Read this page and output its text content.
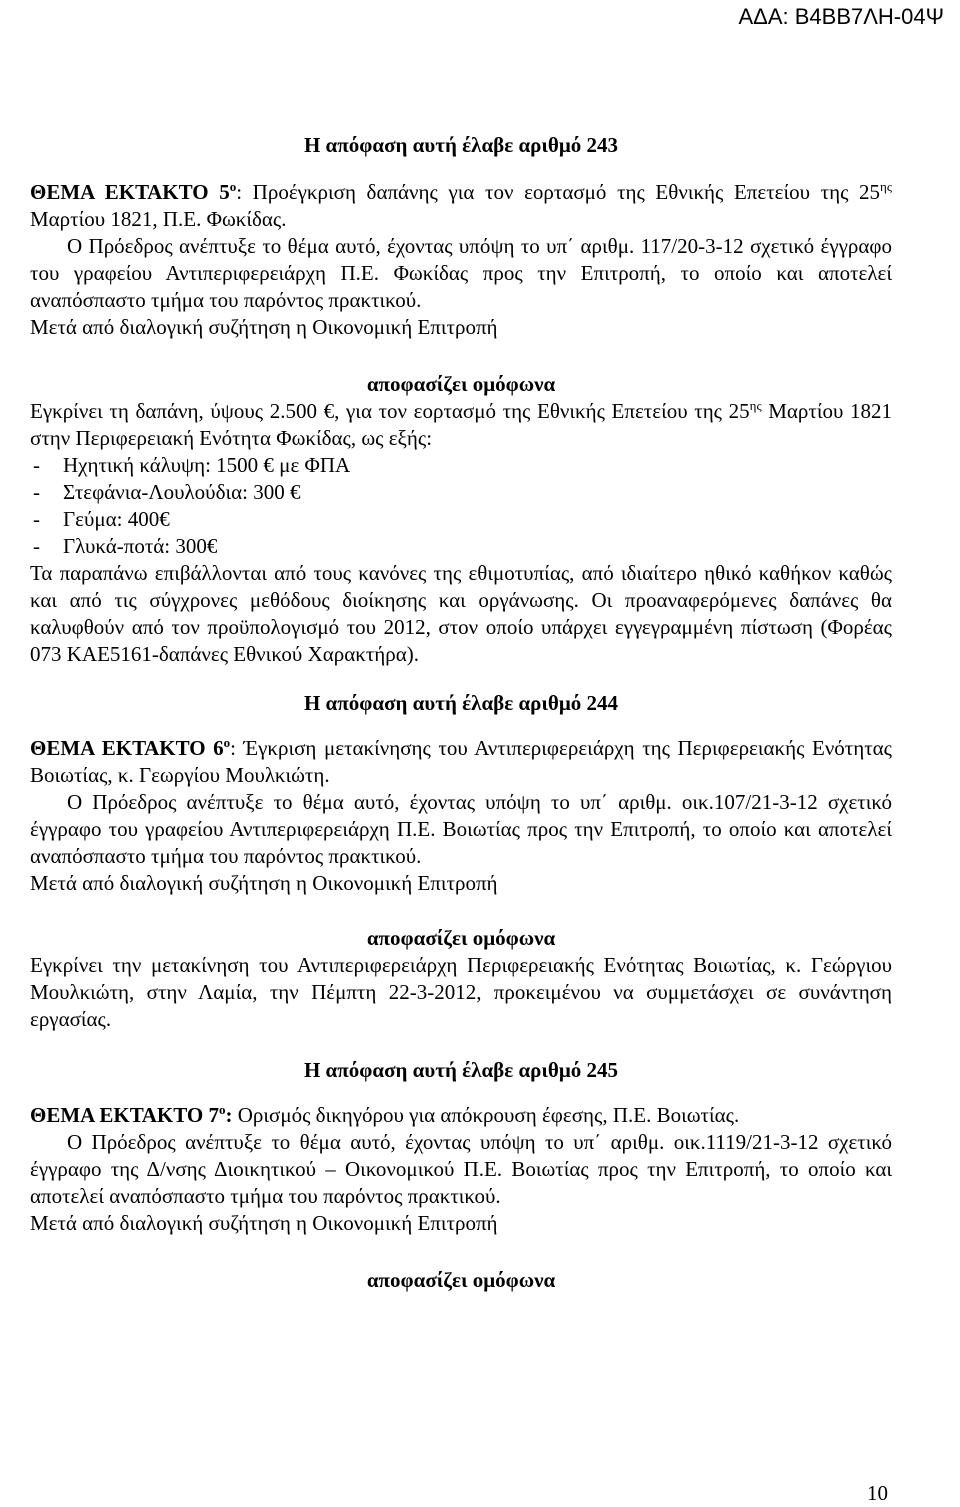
ΑΔΑ: Β4ΒΒ7ΛΗ-04Ψ
Η απόφαση αυτή έλαβε αριθμό 243

ΘΕΜΑ ΕΚΤΑΚΤΟ $5^o$: Προέγκριση δαπάνης για τον εορτασμό της Εθνικής Επετείου της $25^{\eta\varsigma}$ Μαρτίου 1821, Π.Ε. Φωκίδας.

Ο Πρόεδρος ανέπτυξε το θέμα αυτό, έχοντας υπόψη το υπ΄ αριθμ. 117/20-3-12 σχετικό έγγραφο του γραφείου Αντιπεριφερειάρχη Π.Ε. Φωκίδας προς την Επιτροπή, το οποίο και αποτελεί αναπόσπαστο τμήμα του παρόντος πρακτικού.

Μετά από διαλογική συζήτηση η Οικονομική Επιτροπή

αποφασίζει ομόφωνα

Εγκρίνει τη δαπάνη, ύψους 2.500 €, για τον εορτασμό της Εθνικής Επετείου της $25^{\eta\varsigma}$ Μαρτίου 1821 στην Περιφερειακή Ενότητα Φωκίδας, ως εξής:

- Ηχητική κάλυψη: 1500 € με ΦΠΑ
- Στεφάνια-Λουλούδια: 300 €
- Γεύμα: 400€
- Γλυκά-ποτά: 300€

Τα παραπάνω επιβάλλονται από τους κανόνες της εθιμοτυπίας, από ιδιαίτερο ηθικό καθήκον καθώς και από τις σύγχρονες μεθόδους διοίκησης και οργάνωσης. Οι προαναφερόμενες δαπάνες θα καλυφθούν από τον προϋπολογισμό του 2012, στον οποίο υπάρχει εγγεγραμμένη πίστωση (Φορέας 073 ΚΑΕ5161-δαπάνες Εθνικού Χαρακτήρα).

Η απόφαση αυτή έλαβε αριθμό 244

ΘΕΜΑ ΕΚΤΑΚΤΟ $6^o$: Έγκριση μετακίνησης του Αντιπεριφερειάρχη της Περιφερειακής Ενότητας Βοιωτίας, κ. Γεωργίου Μουλκιώτη.

Ο Πρόεδρος ανέπτυξε το θέμα αυτό, έχοντας υπόψη το υπ΄ αριθμ. οικ.107/21-3-12 σχετικό έγγραφο του γραφείου Αντιπεριφερειάρχη Π.Ε. Βοιωτίας προς την Επιτροπή, το οποίο και αποτελεί αναπόσπαστο τμήμα του παρόντος πρακτικού.

Μετά από διαλογική συζήτηση η Οικονομική Επιτροπή

αποφασίζει ομόφωνα

Εγκρίνει την μετακίνηση του Αντιπεριφερειάρχη Περιφερειακής Ενότητας Βοιωτίας, κ. Γεώργιου Μουλκιώτη, στην Λαμία, την Πέμπτη 22-3-2012, προκειμένου να συμμετάσχει σε συνάντηση εργασίας.

Η απόφαση αυτή έλαβε αριθμό 245

ΘΕΜΑ ΕΚΤΑΚΤΟ $7^o$: Ορισμός δικηγόρου για απόκρουση έφεσης, Π.Ε. Βοιωτίας.

Ο Πρόεδρος ανέπτυξε το θέμα αυτό, έχοντας υπόψη το υπ΄ αριθμ. οικ.1119/21-3-12 σχετικό έγγραφο της Δ/νσης Διοικητικού – Οικονομικού Π.Ε. Βοιωτίας προς την Επιτροπή, το οποίο και αποτελεί αναπόσπαστο τμήμα του παρόντος πρακτικού.

Μετά από διαλογική συζήτηση η Οικονομική Επιτροπή

αποφασίζει ομόφωνα
10
